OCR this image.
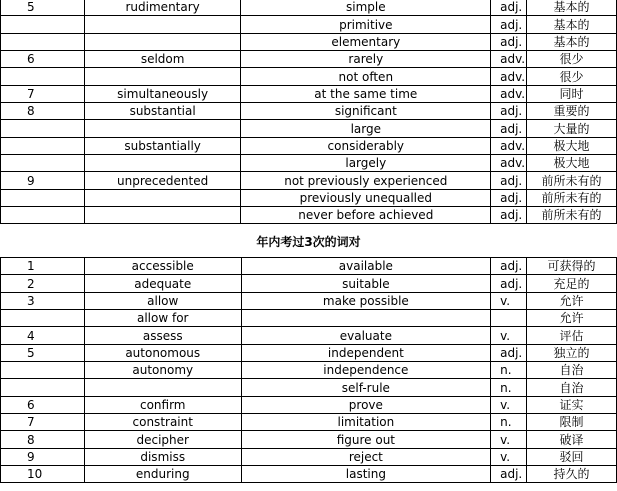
5	rudimentary	simple	adj.	基本的
		primitive	adj.	基本的
		elementary	adj.	基本的
6	seldom	rarely	adv.	很少
		not often	adv.	很少
7	simultaneously	at the same time	adv.	同时
8	substantial	significant	adj.	重要的
		large	adj.	大量的
	substantially	considerably	adv.	极大地
		largely	adv.	极大地
9	unprecedented	not previously experienced	adj.	前所未有的
		previously unequalled	adj.	前所未有的
		never before achieved	adj.	前所未有的
年内考过3次的词对
1	accessible	available	adj.	可获得的
2	adequate	suitable	adj.	充足的
3	allow	make possible	v.	允许
	allow for			允许
4	assess	evaluate	v.	评估
5	autonomous	independent	adj.	独立的
	autonomy	independence	n.	自治
		self-rule	n.	自治
6	confirm	prove	v.	证实
7	constraint	limitation	n.	限制
8	decipher	figure out	v.	破译
9	dismiss	reject	v.	驳回
10	enduring	lasting	adj.	持久的
